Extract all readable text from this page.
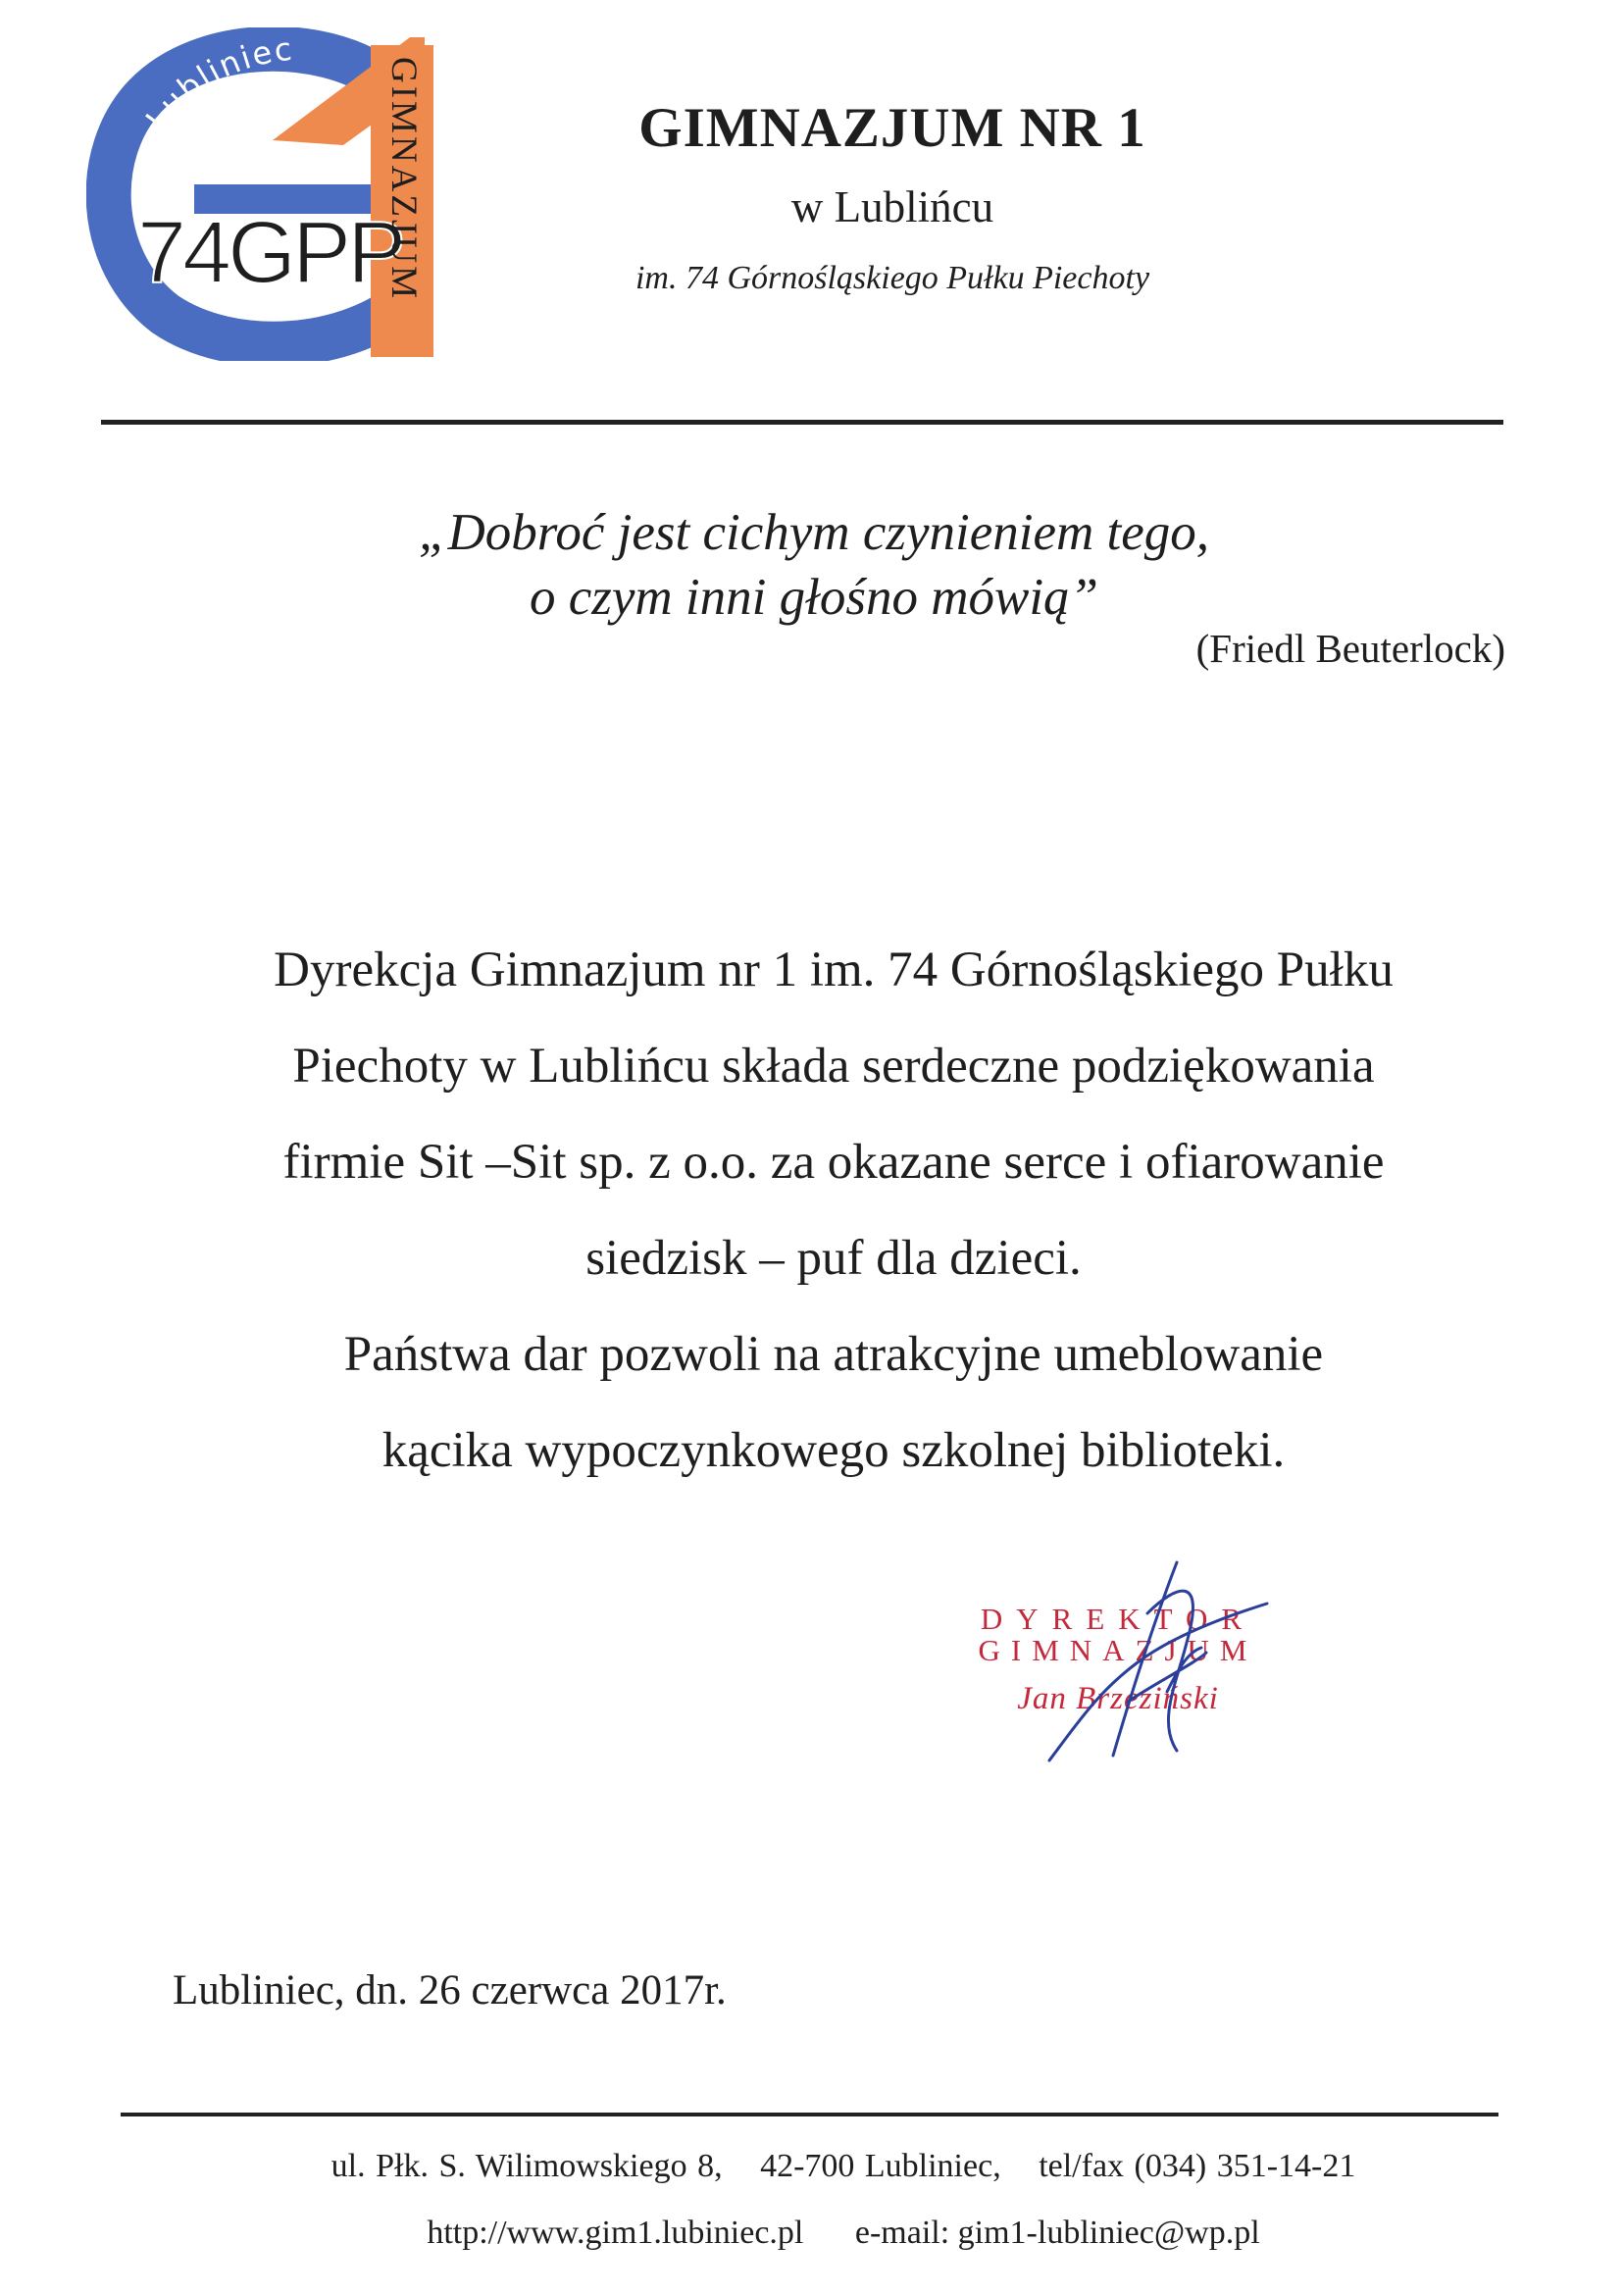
Lubliniec
74GPP
GIMNAZJUM	GIMNAZJUM NR 1

w Lublińcu

im. 74 Górnośląskiego Pułku Piechoty

„Dobroć jest cichym czynieniem tego,
o czym inni głośno mówią”
(Friedl Beuterlock)
Dyrekcja Gimnazjum nr 1 im. 74 Górnośląskiego Pułku
Piechoty w Lublińcu składa serdeczne podziękowania
firmie Sit –Sit sp. z o.o. za okazane serce i ofiarowanie
siedzisk – puf dla dzieci.
Państwa dar pozwoli na atrakcyjne umeblowanie
kącika wypoczynkowego szkolnej biblioteki.
DYREKTOR
GIMNAZJUM
Jan Brzeziński
Lubliniec, dn. 26 czerwca 2017r.
ul. Płk. S. Wilimowskiego 8, 42-700 Lubliniec, tel/fax (034) 351-14-21
http://www.gim1.lubiniec.pl e-mail: gim1-lubliniec@wp.pl
